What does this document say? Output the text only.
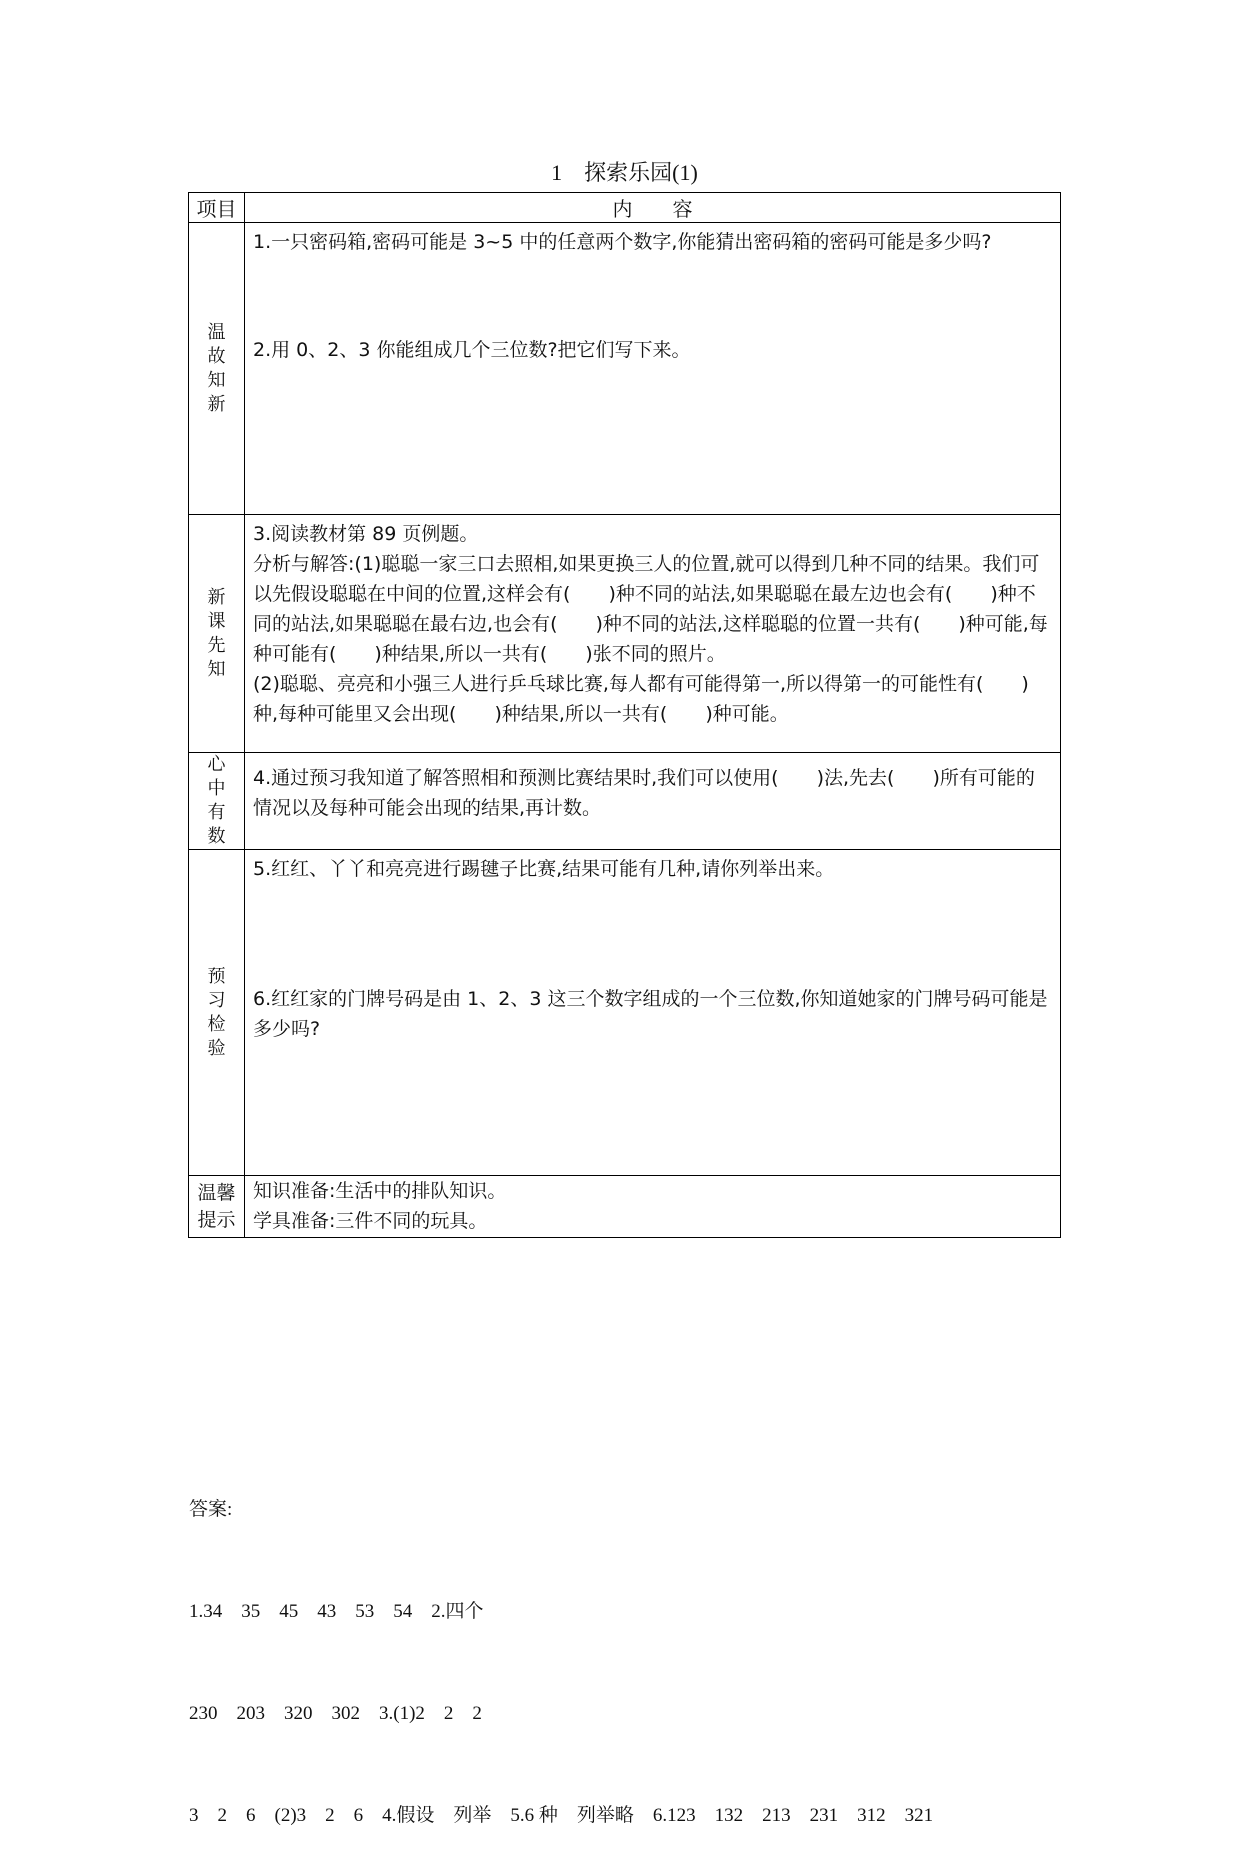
1　探索乐园(1)
项目	内　　容
温故知新	1.一只密码箱,密码可能是 3~5 中的任意两个数字,你能猜出密码箱的密码可能是多少吗?

2.用 0、2、3 你能组成几个三位数?把它们写下来。

新课先知	3.阅读教材第 89 页例题。

分析与解答:(1)聪聪一家三口去照相,如果更换三人的位置,就可以得到几种不同的结果。我们可以先假设聪聪在中间的位置,这样会有(　　)种不同的站法,如果聪聪在最左边也会有(　　)种不同的站法,如果聪聪在最右边,也会有(　　)种不同的站法,这样聪聪的位置一共有(　　)种可能,每种可能有(　　)种结果,所以一共有(　　)张不同的照片。

(2)聪聪、亮亮和小强三人进行乒乓球比赛,每人都有可能得第一,所以得第一的可能性有(　　)种,每种可能里又会出现(　　)种结果,所以一共有(　　)种可能。

心中有数	4.通过预习我知道了解答照相和预测比赛结果时,我们可以使用(　　)法,先去(　　)所有可能的情况以及每种可能会出现的结果,再计数。

预习检验	5.红红、丫丫和亮亮进行踢毽子比赛,结果可能有几种,请你列举出来。

6.红红家的门牌号码是由 1、2、3 这三个数字组成的一个三位数,你知道她家的门牌号码可能是多少吗?

温馨提示	知识准备:生活中的排队知识。

学具准备:三件不同的玩具。

答案:

1.34　35　45　43　53　54　2.四个

230　203　320　302　3.(1)2　2　2

3　2　6　(2)3　2　6　4.假设　列举　5.6 种　列举略　6.123　132　213　231　312　321
